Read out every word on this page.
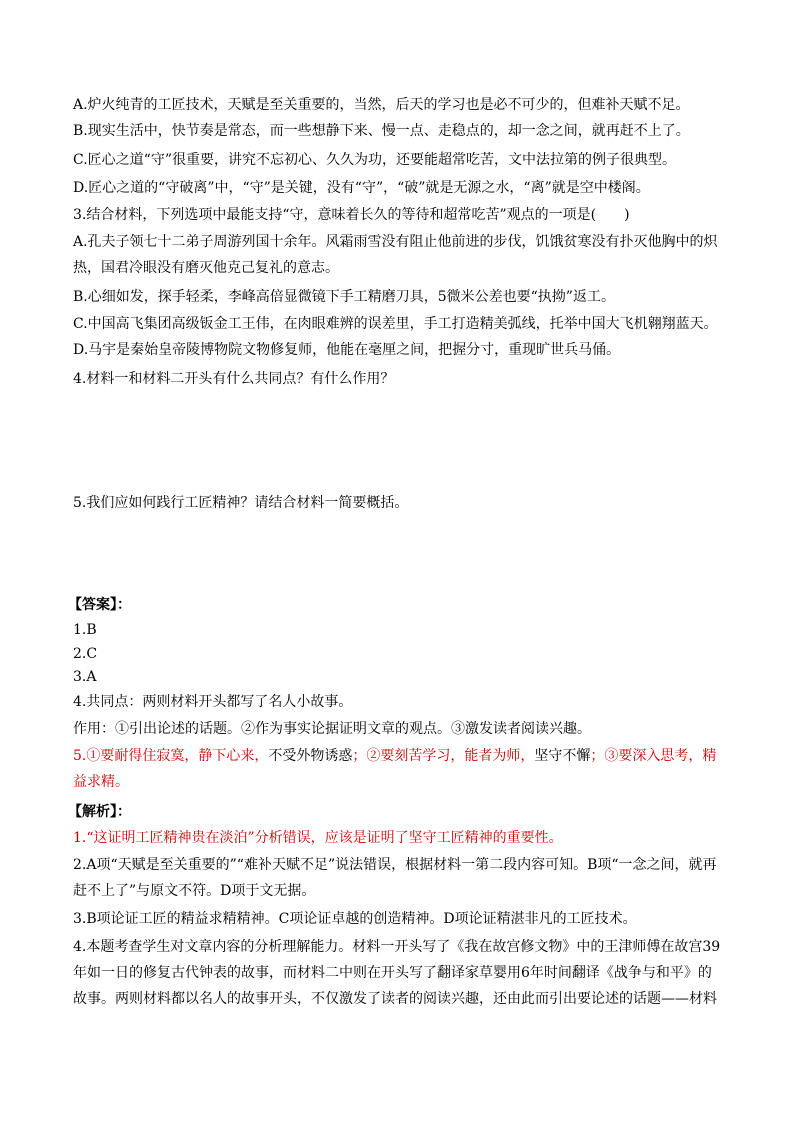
A.炉火纯青的工匠技术，天赋是至关重要的，当然，后天的学习也是必不可少的，但难补天赋不足。

B.现实生活中，快节奏是常态，而一些想静下来、慢一点、走稳点的，却一念之间，就再赶不上了。

C.匠心之道“守”很重要，讲究不忘初心、久久为功，还要能超常吃苦，文中法拉第的例子很典型。

D.匠心之道的“守破离”中，“守”是关键，没有“守”，“破”就是无源之水，“离”就是空中楼阁。

3.结合材料，下列选项中最能支持“守，意味着长久的等待和超常吃苦”观点的一项是(　　)

A.孔夫子领七十二弟子周游列国十余年。风霜雨雪没有阻止他前进的步伐，饥饿贫寒没有扑灭他胸中的炽热，国君冷眼没有磨灭他克己复礼的意志。

B.心细如发，探手轻柔，李峰高倍显微镜下手工精磨刀具，5微米公差也要“执拗”返工。

C.中国高飞集团高级钣金工王伟，在肉眼难辨的误差里，手工打造精美弧线，托举中国大飞机翱翔蓝天。

D.马宇是秦始皇帝陵博物院文物修复师，他能在毫厘之间，把握分寸，重现旷世兵马俑。

4.材料一和材料二开头有什么共同点？有什么作用？

5.我们应如何践行工匠精神？请结合材料一简要概括。

【答案】：

1.B

2.C

3.A

4.共同点：两则材料开头都写了名人小故事。

作用：①引出论述的话题。②作为事实论据证明文章的观点。③激发读者阅读兴趣。

5.①要耐得住寂寞，静下心来，不受外物诱惑；②要刻苦学习，能者为师，坚守不懈；③要深入思考，精益求精。

【解析】：

1.“这证明工匠精神贵在淡泊”分析错误，应该是证明了坚守工匠精神的重要性。

2.A项“天赋是至关重要的”“难补天赋不足”说法错误，根据材料一第二段内容可知。B项“一念之间，就再赶不上了”与原文不符。D项于文无据。

3.B项论证工匠的精益求精精神。C项论证卓越的创造精神。D项论证精湛非凡的工匠技术。

4.本题考查学生对文章内容的分析理解能力。材料一开头写了《我在故宫修文物》中的王津师傅在故宫39年如一日的修复古代钟表的故事，而材料二中则在开头写了翻译家草婴用6年时间翻译《战争与和平》的故事。两则材料都以名人的故事开头，不仅激发了读者的阅读兴趣，还由此而引出要论述的话题——材料
